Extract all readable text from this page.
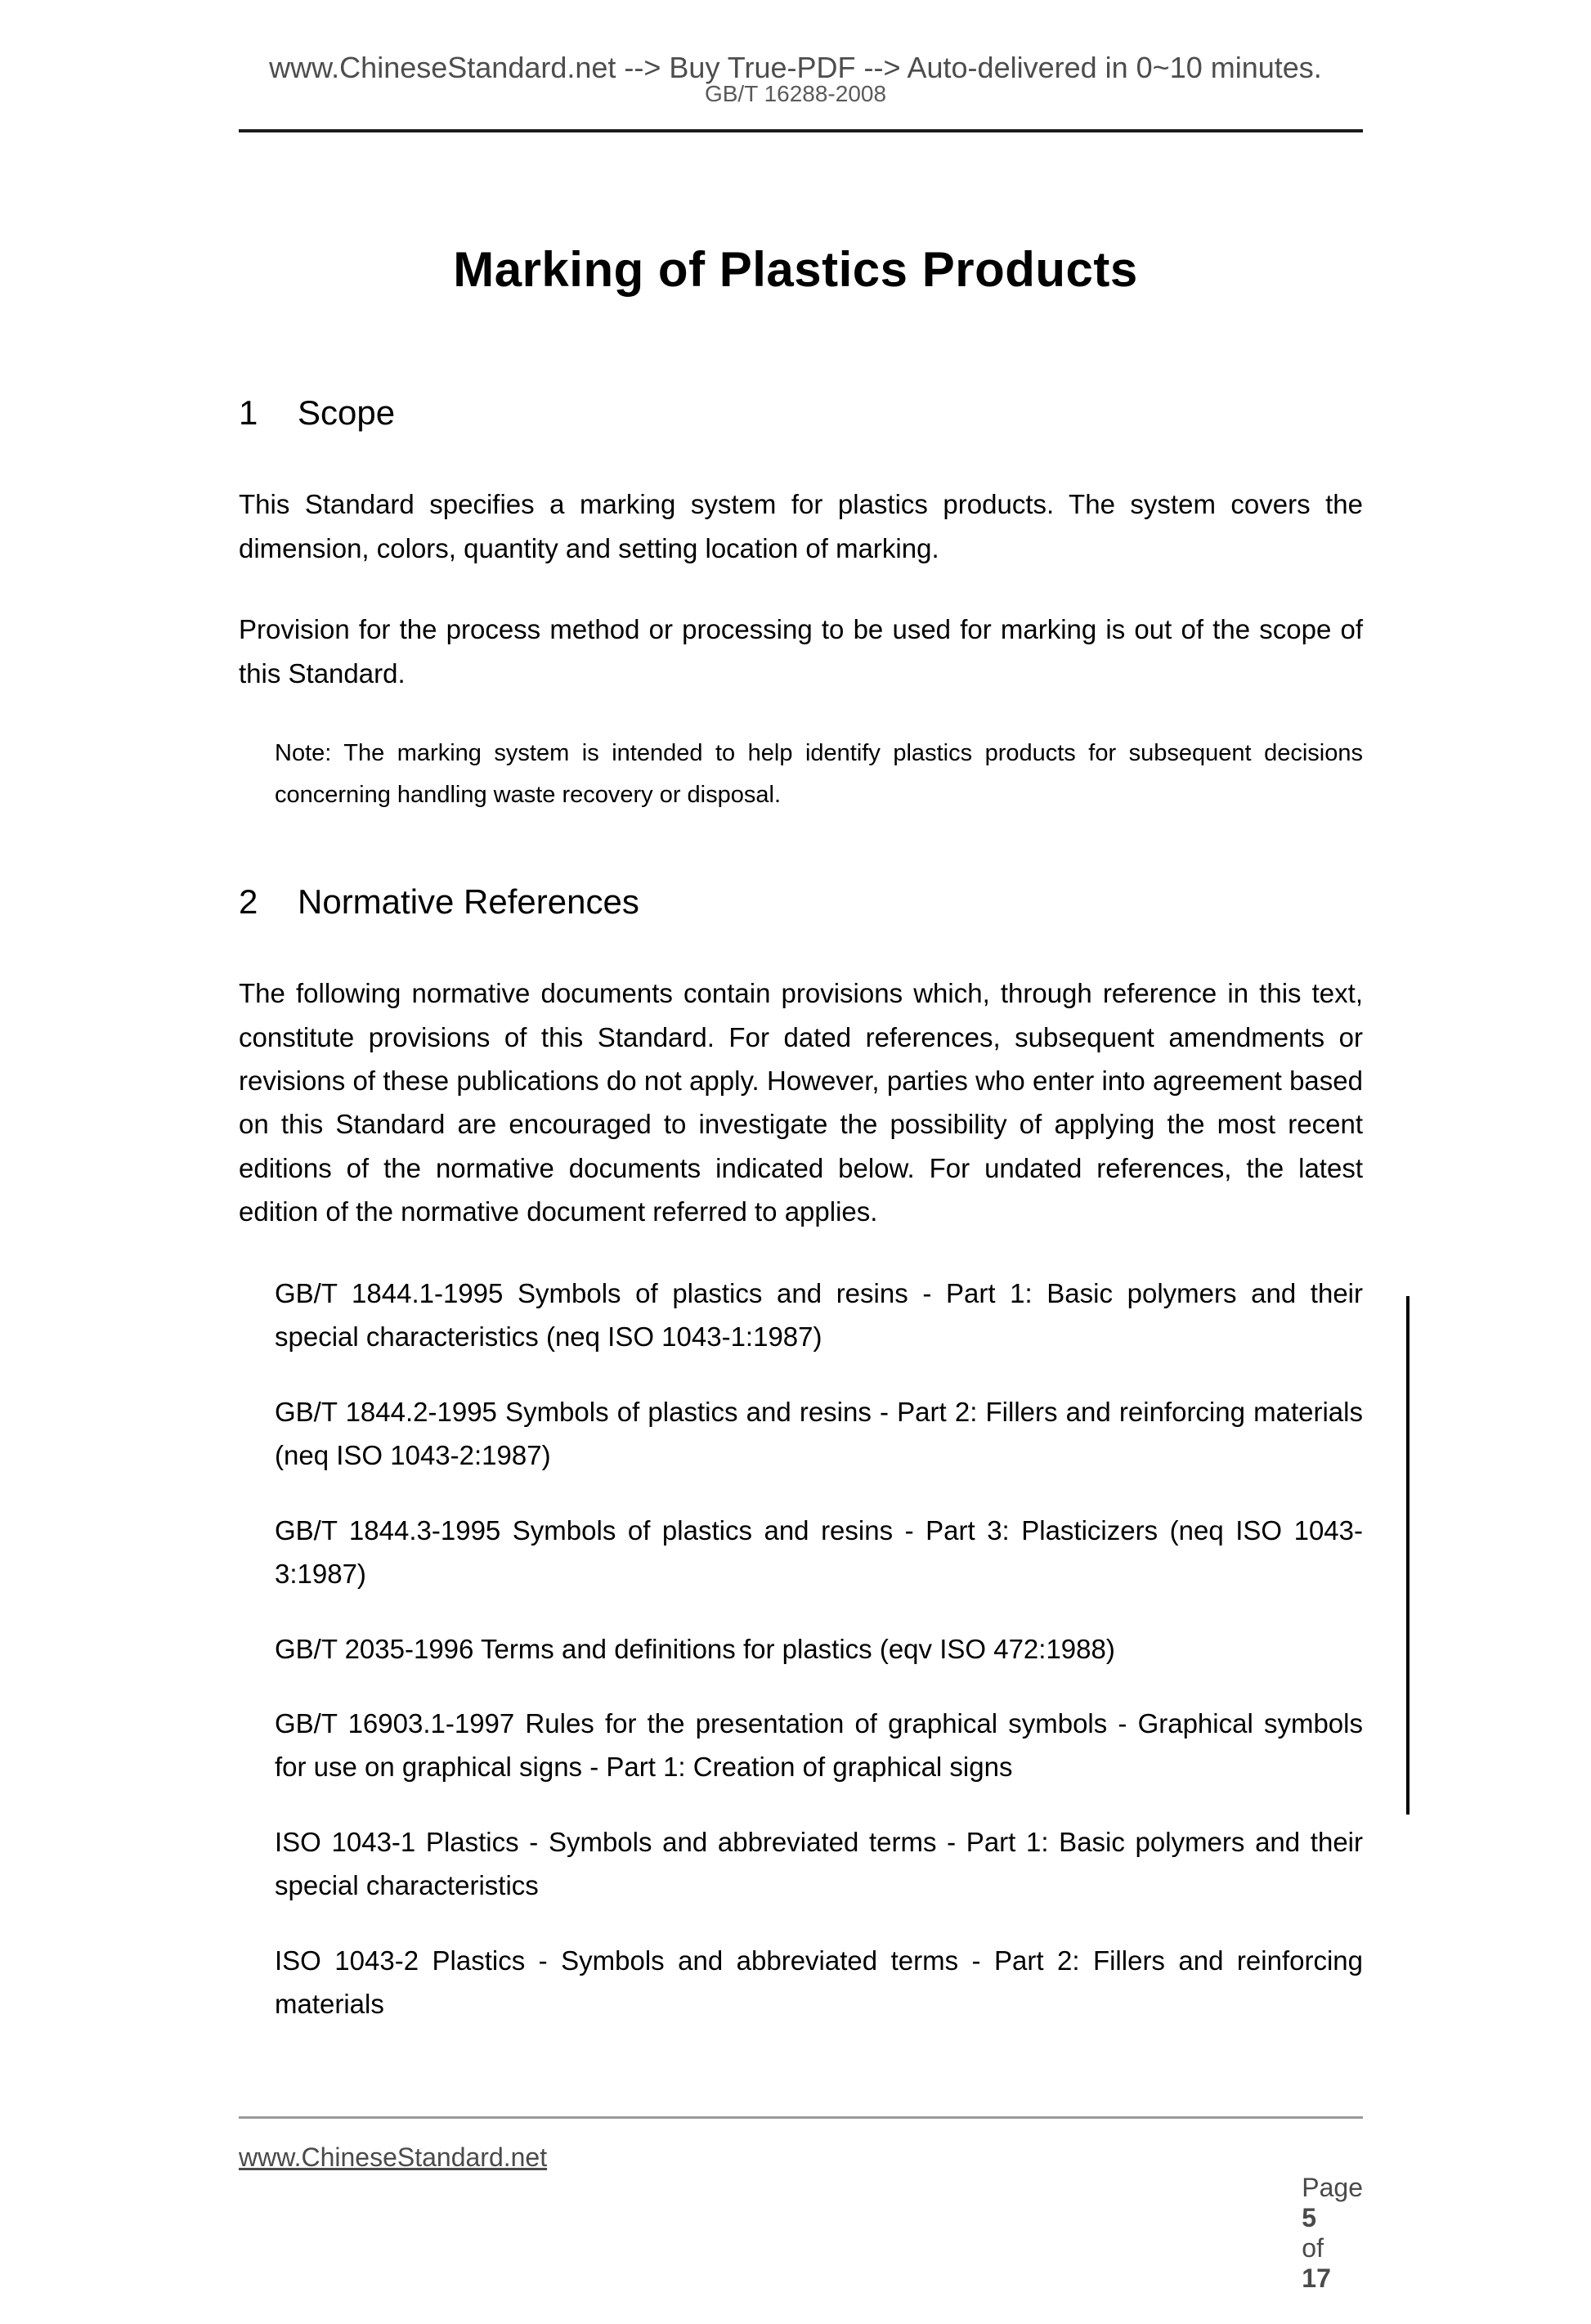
www.ChineseStandard.net --> Buy True-PDF --> Auto-delivered in 0~10 minutes.
GB/T 16288-2008
Marking of Plastics Products
1	Scope

This Standard specifies a marking system for plastics products. The system covers the dimension, colors, quantity and setting location of marking.

Provision for the process method or processing to be used for marking is out of the scope of this Standard.

Note: The marking system is intended to help identify plastics products for subsequent decisions concerning handling waste recovery or disposal.

2	Normative References

The following normative documents contain provisions which, through reference in this text, constitute provisions of this Standard. For dated references, subsequent amendments or revisions of these publications do not apply. However, parties who enter into agreement based on this Standard are encouraged to investigate the possibility of applying the most recent editions of the normative documents indicated below. For undated references, the latest edition of the normative document referred to applies.

GB/T 1844.1-1995 Symbols of plastics and resins - Part 1: Basic polymers and their special characteristics (neq ISO 1043-1:1987)

GB/T 1844.2-1995 Symbols of plastics and resins - Part 2: Fillers and reinforcing materials (neq ISO 1043-2:1987)

GB/T 1844.3-1995 Symbols of plastics and resins - Part 3: Plasticizers (neq ISO 1043-3:1987)

GB/T 2035-1996 Terms and definitions for plastics (eqv ISO 472:1988)

GB/T 16903.1-1997 Rules for the presentation of graphical symbols - Graphical symbols for use on graphical signs - Part 1: Creation of graphical signs

ISO 1043-1 Plastics - Symbols and abbreviated terms - Part 1: Basic polymers and their special characteristics

ISO 1043-2 Plastics - Symbols and abbreviated terms - Part 2: Fillers and reinforcing materials

www.ChineseStandard.net

Page
5
of
17
